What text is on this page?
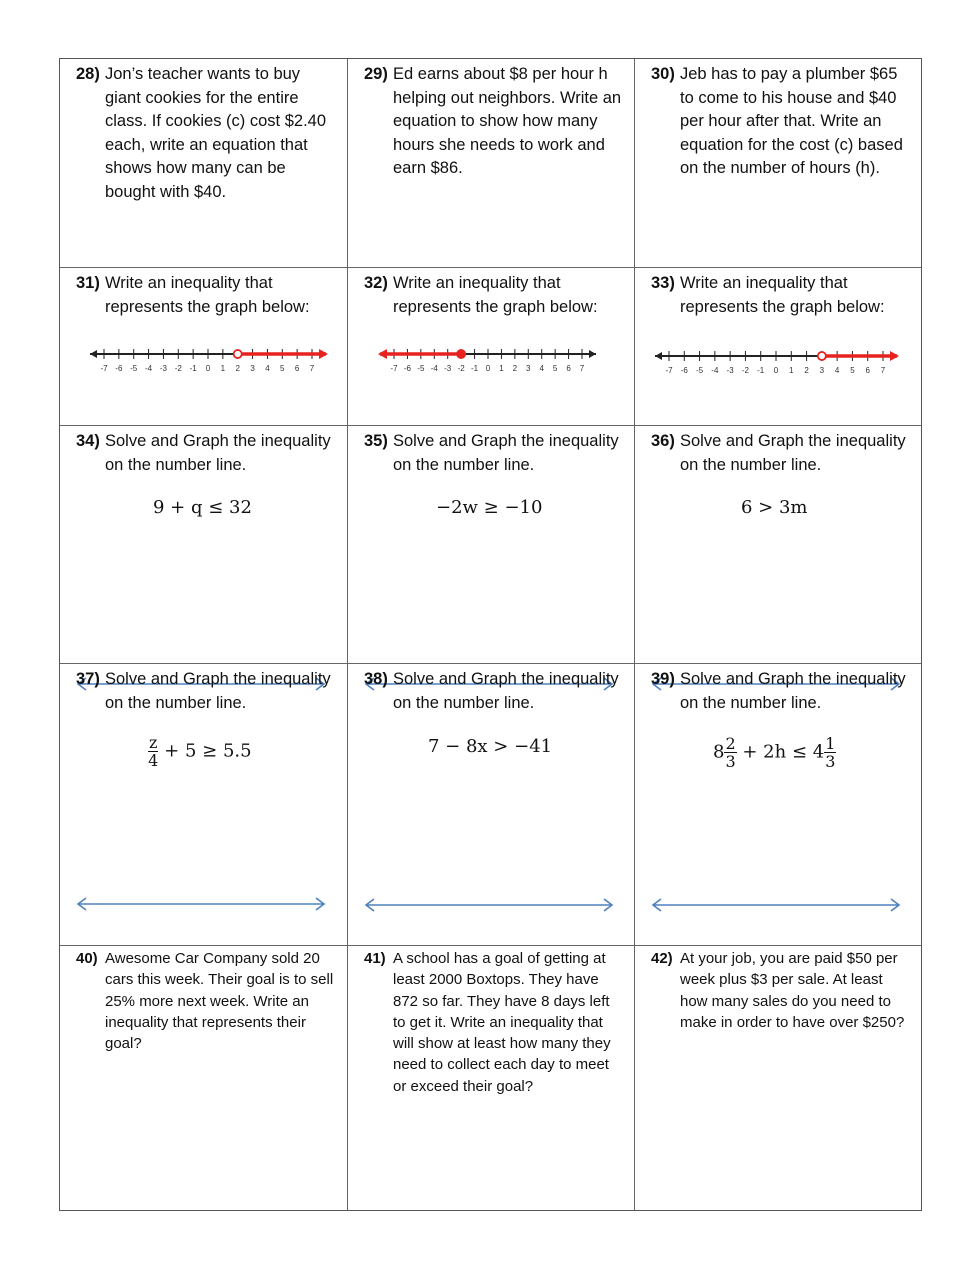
28) Jon’s teacher wants to buy giant cookies for the entire class. If cookies (c) cost $2.40 each, write an equation that shows how many can be bought with $40.
29) Ed earns about $8 per hour h helping out neighbors. Write an equation to show how many hours she needs to work and earn $86.
30) Jeb has to pay a plumber $65 to come to his house and $40 per hour after that. Write an equation for the cost (c) based on the number of hours (h).
31) Write an inequality that represents the graph below:
-7 -6 -5 -4 -3 -2 -1 0 1 2 3 4 5 6 7
32) Write an inequality that represents the graph below:
-7 -6 -5 -4 -3 -2 -1 0 1 2 3 4 5 6 7
33) Write an inequality that represents the graph below:
-7 -6 -5 -4 -3 -2 -1 0 1 2 3 4 5 6 7
34) Solve and Graph the inequality on the number line.
9 + q ≤ 32
35) Solve and Graph the inequality on the number line.
−2w ≥ −10
36) Solve and Graph the inequality on the number line.
6 > 3m
37) Solve and Graph the inequality on the number line.
$\frac{z}{4} + 5 \ge 5.5$
38) Solve and Graph the inequality on the number line.
7 − 8x > −41
39) Solve and Graph the inequality on the number line.
$8 \frac{2}{3} + 2h \le 4 \frac{1}{3}$
40) Awesome Car Company sold 20 cars this week. Their goal is to sell 25% more next week. Write an inequality that represents their goal?
41) A school has a goal of getting at least 2000 Boxtops. They have 872 so far. They have 8 days left to get it. Write an inequality that will show at least how many they need to collect each day to meet or exceed their goal?
42) At your job, you are paid $50 per week plus $3 per sale. At least how many sales do you need to make in order to have over $250?
